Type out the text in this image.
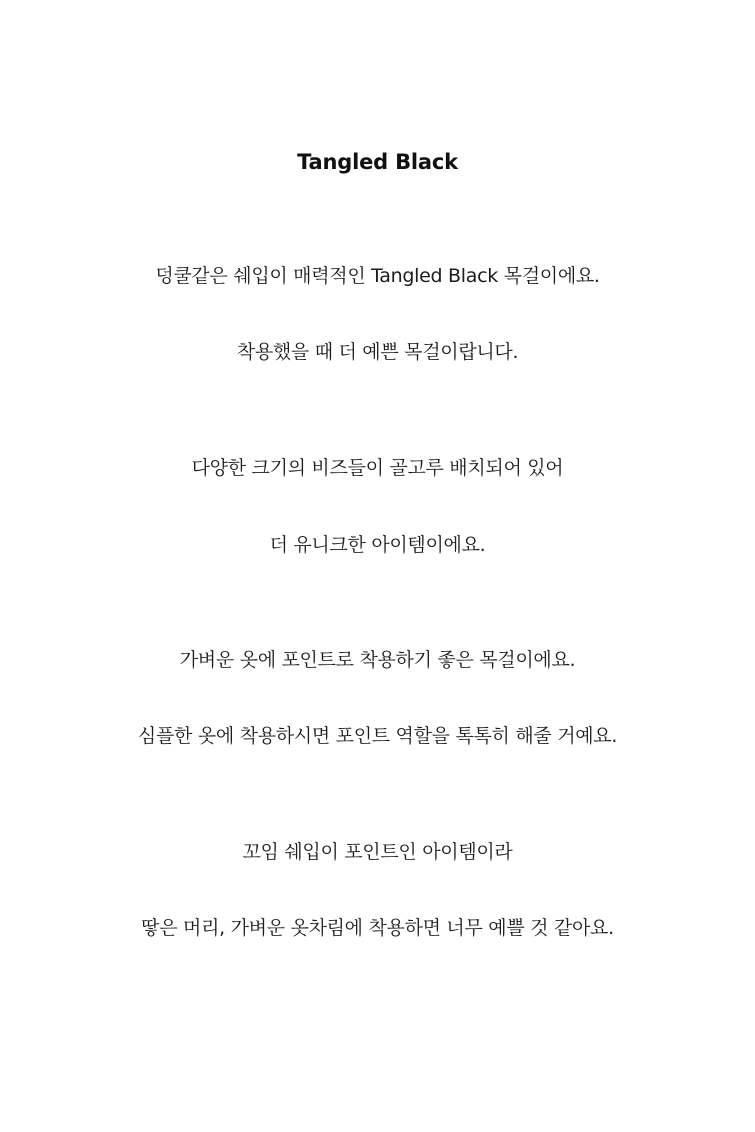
Tangled Black
덩쿨같은 쉐입이 매력적인 Tangled Black 목걸이에요.
착용했을 때 더 예쁜 목걸이랍니다.
다양한 크기의 비즈들이 골고루 배치되어 있어
더 유니크한 아이템이에요.
가벼운 옷에 포인트로 착용하기 좋은 목걸이에요.
심플한 옷에 착용하시면 포인트 역할을 톡톡히 해줄 거예요.
꼬임 쉐입이 포인트인 아이템이라
땋은 머리, 가벼운 옷차림에 착용하면 너무 예쁠 것 같아요.
